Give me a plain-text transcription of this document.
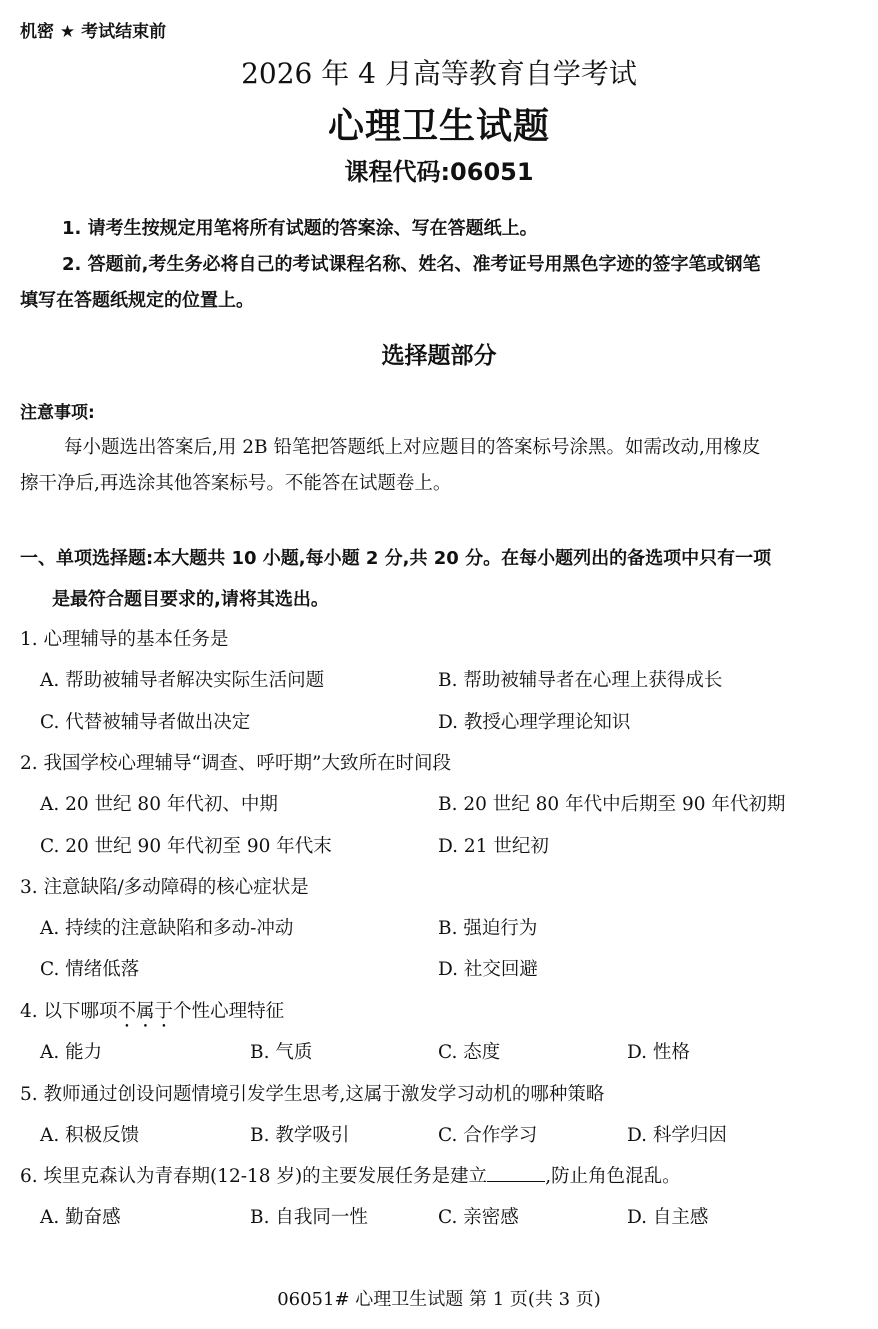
机密 ★ 考试结束前
2026 年 4 月高等教育自学考试
心理卫生试题
课程代码:06051
1. 请考生按规定用笔将所有试题的答案涂、写在答题纸上。
2. 答题前,考生务必将自己的考试课程名称、姓名、准考证号用黑色字迹的签字笔或钢笔
填写在答题纸规定的位置上。
选择题部分
注意事项:
每小题选出答案后,用 2B 铅笔把答题纸上对应题目的答案标号涂黑。如需改动,用橡皮
擦干净后,再选涂其他答案标号。不能答在试题卷上。
一、单项选择题:本大题共 10 小题,每小题 2 分,共 20 分。在每小题列出的备选项中只有一项
是最符合题目要求的,请将其选出。
1. 心理辅导的基本任务是
A. 帮助被辅导者解决实际生活问题	B. 帮助被辅导者在心理上获得成长
C. 代替被辅导者做出决定	D. 教授心理学理论知识
2. 我国学校心理辅导“调查、呼吁期”大致所在时间段
A. 20 世纪 80 年代初、中期	B. 20 世纪 80 年代中后期至 90 年代初期
C. 20 世纪 90 年代初至 90 年代末	D. 21 世纪初
3. 注意缺陷/多动障碍的核心症状是
A. 持续的注意缺陷和多动-冲动	B. 强迫行为
C. 情绪低落	D. 社交回避
4. 以下哪项不属于个性心理特征
A. 能力	B. 气质	C. 态度	D. 性格
5. 教师通过创设问题情境引发学生思考,这属于激发学习动机的哪种策略
A. 积极反馈	B. 教学吸引	C. 合作学习	D. 科学归因
6. 埃里克森认为青春期(12-18 岁)的主要发展任务是建立	,防止角色混乱。
A. 勤奋感	B. 自我同一性	C. 亲密感	D. 自主感
06051# 心理卫生试题 第 1 页(共 3 页)
